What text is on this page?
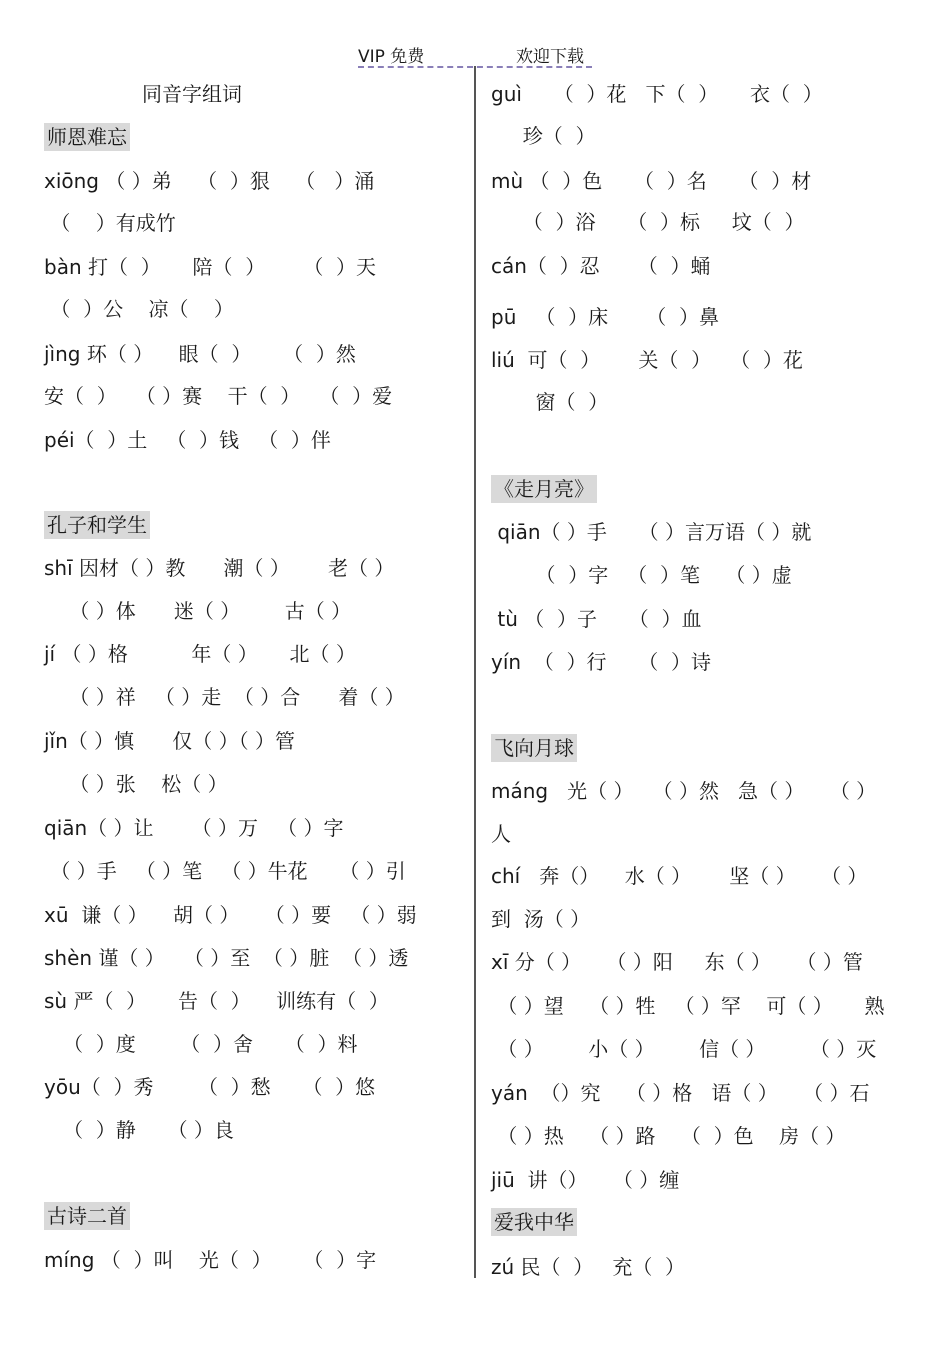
VIP 免费	欢迎下载
同音字组词
师恩难忘
xiōng （ ）弟    （  ）狠    （   ）涌
（    ）有成竹
bàn 打（  ）     陪（  ）      （  ）天
（  ）公    凉（    ）
jìng 环（ ）    眼（  ）     （  ）然
安（  ）   （ ）赛    干（  ）   （  ）爱
péi（  ）土   （  ）钱   （  ）伴
孔子和学生
shī 因材（ ）教      潮（ ）      老（ ）
（ ）体      迷（ ）       古（ ）
jí （ ）格          年（ ）     北（ ）
（ ）祥   （ ）走  （ ）合      着（ ）
jǐn（ ）慎      仅（ ）（ ）管
（ ）张    松（ ）
qiān（ ）让      （ ）万   （ ）字
（ ）手   （ ）笔   （ ）牛花     （ ）引
xū  谦（ ）    胡（ ）    （ ）要   （ ）弱
shèn 谨（ ）   （ ）至  （ ）脏  （ ）透
sù 严（  ）     告（  ）    训练有（  ）
（  ）度       （  ）舍     （  ）料
yōu（  ）秀       （  ）愁     （  ）悠
（  ）静     （ ）良
古诗二首
míng （  ）叫    光（  ）     （  ）字
guì     （  ）花   下（  ）     衣（  ）
珍（  ）
mù （  ）色     （  ）名     （  ）材
（  ）浴     （  ）标     坟（  ）
cán（  ）忍      （  ）蛹
pū   （  ）床      （  ）鼻
liú  可（  ）      关（  ）   （  ）花
窗（  ）
《走月亮》
qiān（ ）手     （ ）言万语（ ）就
（  ）字   （  ）笔    （ ）虚
tù （  ）子     （  ）血
yín  （  ）行     （  ）诗
飞向月球
máng   光（ ）   （ ）然   急（ ）    （ ）
人
chí   奔（）    水（ ）      坚（ ）    （ ）
到  汤（ ）
xī 分（ ）    （ ）阳     东（ ）    （ ）管
（ ）望    （ ）牲   （ ）罕    可（ ）     熟
（ ）       小（ ）       信（ ）       （ ）灭
yán  （）究    （ ）格   语（ ）    （ ）石
（ ）热    （ ）路    （  ）色    房（ ）
jiū  讲（）    （ ）缠
爱我中华
zú 民（  ）   充（  ）
